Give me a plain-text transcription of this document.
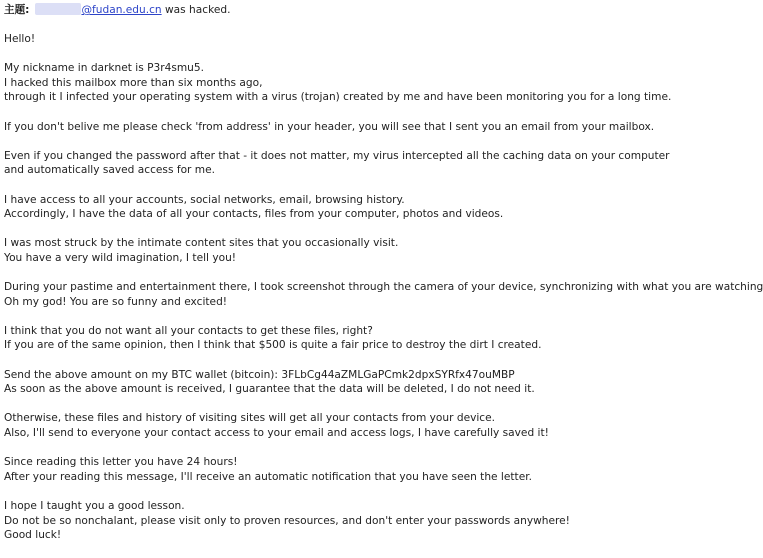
主题:	@fudan.edu.cn was hacked.
Hello!
My nickname in darknet is P3r4smu5.
I hacked this mailbox more than six months ago,
through it I infected your operating system with a virus (trojan) created by me and have been monitoring you for a long time.
If you don't belive me please check 'from address' in your header, you will see that I sent you an email from your mailbox.
Even if you changed the password after that - it does not matter, my virus intercepted all the caching data on your computer
and automatically saved access for me.
I have access to all your accounts, social networks, email, browsing history.
Accordingly, I have the data of all your contacts, files from your computer, photos and videos.
I was most struck by the intimate content sites that you occasionally visit.
You have a very wild imagination, I tell you!
During your pastime and entertainment there, I took screenshot through the camera of your device, synchronizing with what you are watching
Oh my god! You are so funny and excited!
I think that you do not want all your contacts to get these files, right?
If you are of the same opinion, then I think that $500 is quite a fair price to destroy the dirt I created.
Send the above amount on my BTC wallet (bitcoin): 3FLbCg44aZMLGaPCmk2dpxSYRfx47ouMBP
As soon as the above amount is received, I guarantee that the data will be deleted, I do not need it.
Otherwise, these files and history of visiting sites will get all your contacts from your device.
Also, I'll send to everyone your contact access to your email and access logs, I have carefully saved it!
Since reading this letter you have 24 hours!
After your reading this message, I'll receive an automatic notification that you have seen the letter.
I hope I taught you a good lesson.
Do not be so nonchalant, please visit only to proven resources, and don't enter your passwords anywhere!
Good luck!
